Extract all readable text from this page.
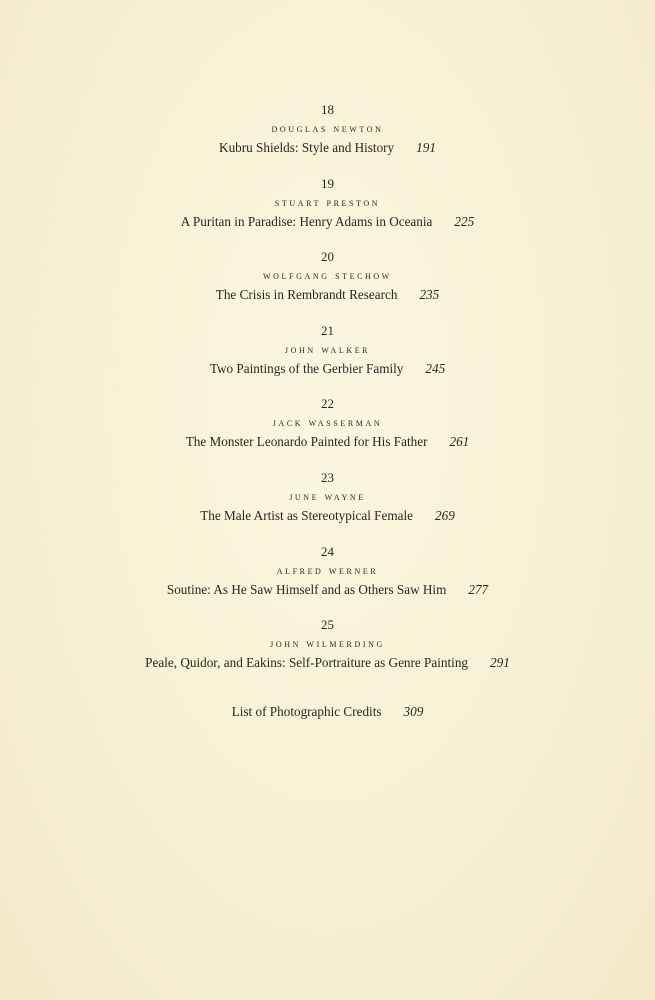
18
douglas newton
Kubru Shields: Style and History 191
19
stuart preston
A Puritan in Paradise: Henry Adams in Oceania 225
20
wolfgang stechow
The Crisis in Rembrandt Research 235
21
john walker
Two Paintings of the Gerbier Family 245
22
jack wasserman
The Monster Leonardo Painted for His Father 261
23
june wayne
The Male Artist as Stereotypical Female 269
24
alfred werner
Soutine: As He Saw Himself and as Others Saw Him 277
25
john wilmerding
Peale, Quidor, and Eakins: Self-Portraiture as Genre Painting 291
List of Photographic Credits 309
